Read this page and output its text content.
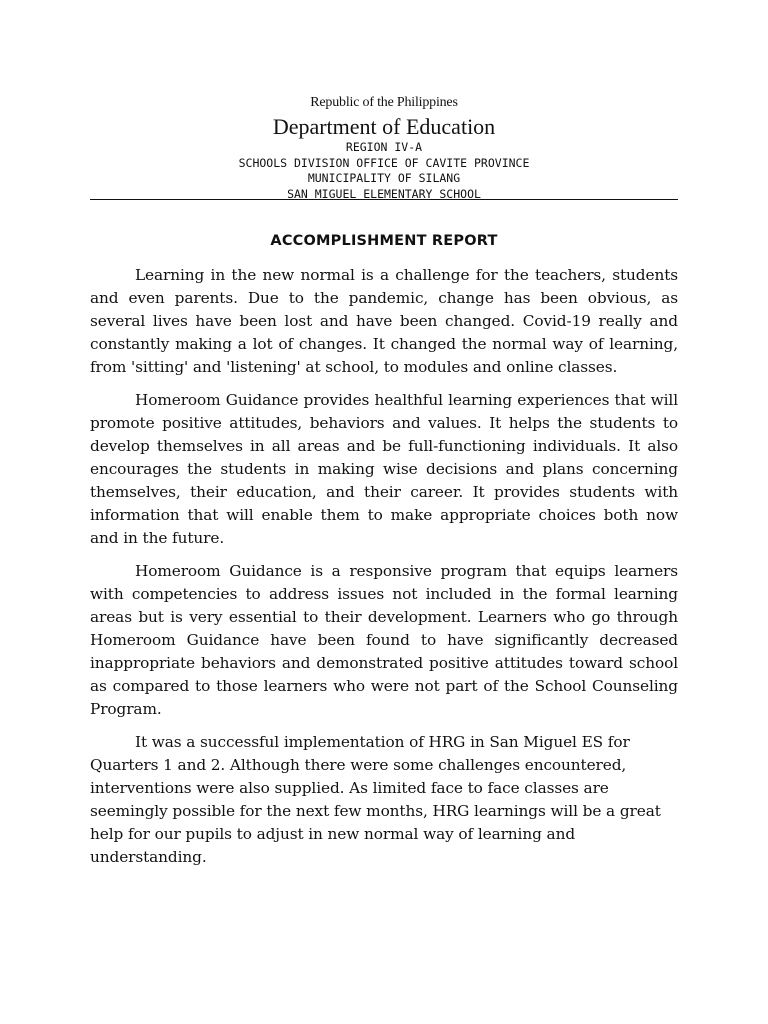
Republic of the Philippines
Department of Education
REGION IV-A
SCHOOLS DIVISION OFFICE OF CAVITE PROVINCE
MUNICIPALITY OF SILANG
SAN MIGUEL ELEMENTARY SCHOOL
ACCOMPLISHMENT REPORT

Learning in the new normal is a challenge for the teachers, students and even parents. Due to the pandemic, change has been obvious, as several lives have been lost and have been changed. Covid-19 really and constantly making a lot of changes. It changed the normal way of learning, from 'sitting' and 'listening' at school, to modules and online classes.

Homeroom Guidance provides healthful learning experiences that will promote positive attitudes, behaviors and values. It helps the students to develop themselves in all areas and be full-functioning individuals. It also encourages the students in making wise decisions and plans concerning themselves, their education, and their career. It provides students with information that will enable them to make appropriate choices both now and in the future.

Homeroom Guidance is a responsive program that equips learners with competencies to address issues not included in the formal learning areas but is very essential to their development. Learners who go through Homeroom Guidance have been found to have significantly decreased inappropriate behaviors and demonstrated positive attitudes toward school as compared to those learners who were not part of the School Counseling Program.

It was a successful implementation of HRG in San Miguel ES for Quarters 1 and 2. Although there were some challenges encountered, interventions were also supplied. As limited face to face classes are seemingly possible for the next few months, HRG learnings will be a great help for our pupils to adjust in new normal way of learning and understanding.
